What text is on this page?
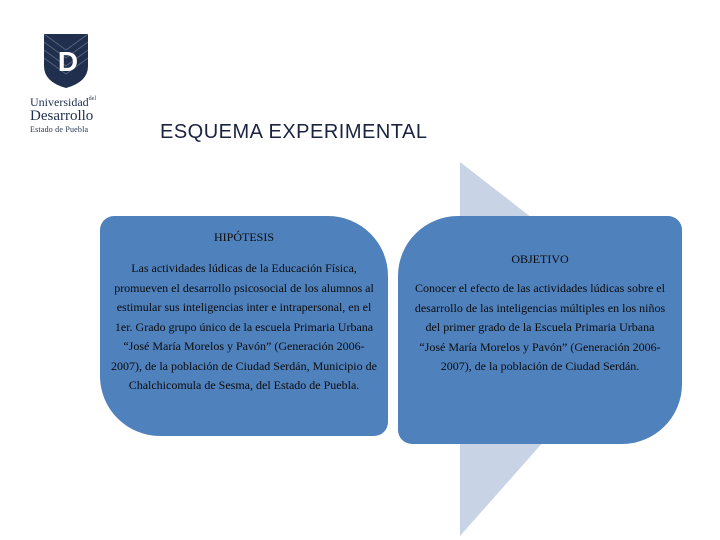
D
Universidad$^{del}$
Desarrollo
Estado de Puebla	ESQUEMA EXPERIMENTAL
HIPÓTESIS
Las actividades lúdicas de la Educación Física, promueven el desarrollo psicosocial de los alumnos al estimular sus inteligencias inter e intrapersonal, en el 1er. Grado grupo único de la escuela Primaria Urbana “José María Morelos y Pavón” (Generación 2006-2007), de la población de Ciudad Serdán, Municipio de Chalchicomula de Sesma, del Estado de Puebla.
OBJETIVO
Conocer el efecto de las actividades lúdicas sobre el desarrollo de las inteligencias múltiples en los niños del primer grado de la Escuela Primaria Urbana “José María Morelos y Pavón” (Generación 2006-2007), de la población de Ciudad Serdán.
